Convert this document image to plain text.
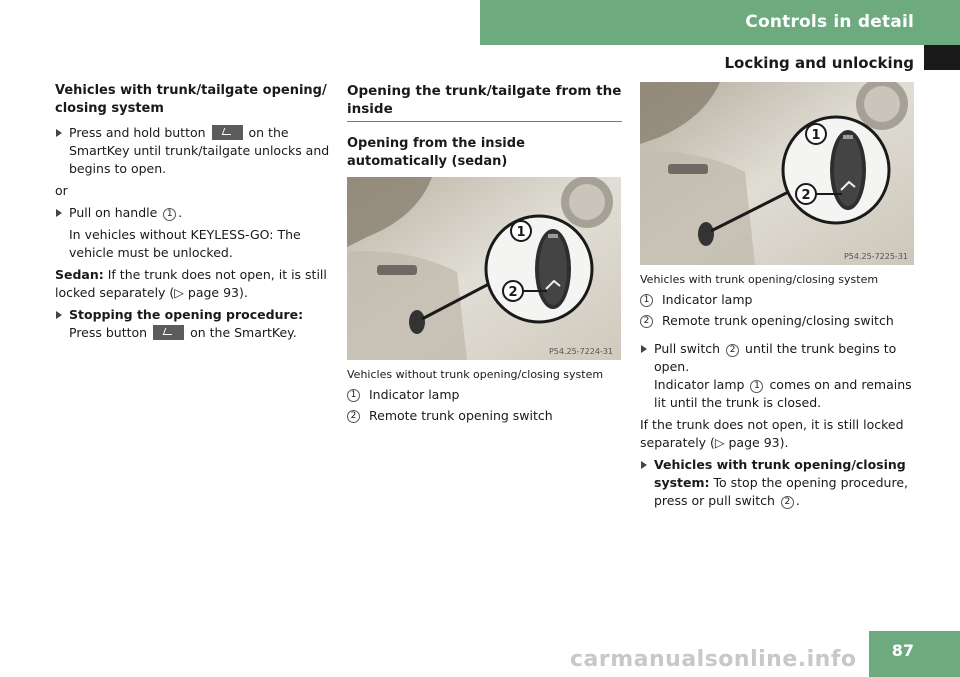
Controls in detail
Locking and unlocking
Vehicles with trunk/tailgate opening/ closing system
Press and hold button	on the SmartKey until trunk/tailgate unlocks and begins to open.
or
Pull on handle 1 .
In vehicles without KEYLESS-GO: The vehicle must be unlocked.
Sedan: If the trunk does not open, it is still locked separately (▷ page 93).
Stopping the opening procedure: Press button	on the SmartKey.
Opening the trunk/tailgate from the inside
Opening from the inside automatically (sedan)
1
2
P54.25-7224-31
Vehicles without trunk opening/closing system
1 Indicator lamp
2 Remote trunk opening switch
1
2
P54.25-7225-31
Vehicles with trunk opening/closing system
1 Indicator lamp
2 Remote trunk opening/closing switch
Pull switch 2 until the trunk begins to open.
Indicator lamp 1 comes on and remains lit until the trunk is closed.
If the trunk does not open, it is still locked separately (▷ page 93).
Vehicles with trunk opening/closing system: To stop the opening procedure, press or pull switch 2 .
carmanualsonline.info 87
